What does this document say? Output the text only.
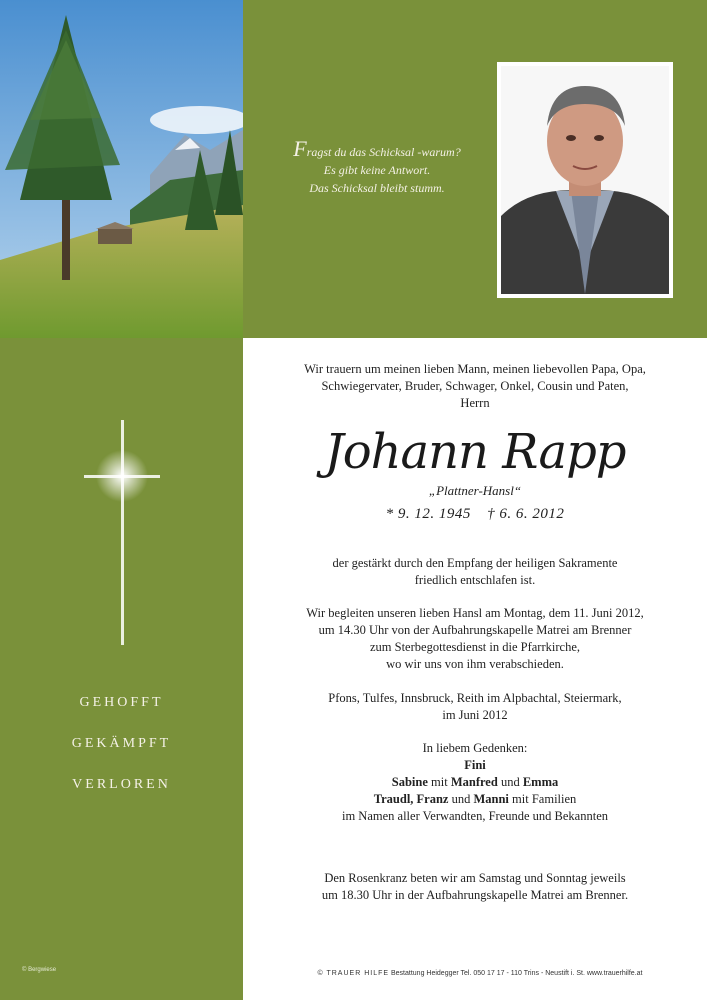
Fragst du das Schicksal -warum?
Es gibt keine Antwort.
Das Schicksal bleibt stumm.
GEHOFFT
GEKÄMPFT
VERLOREN
© Bergwiese
Wir trauern um meinen lieben Mann, meinen liebevollen Papa, Opa,
Schwiegervater, Bruder, Schwager, Onkel, Cousin und Paten,
Herrn
Johann Rapp
„Plattner-Hansl“
* 9. 12. 1945 † 6. 6. 2012
der gestärkt durch den Empfang der heiligen Sakramente
friedlich entschlafen ist.
Wir begleiten unseren lieben Hansl am Montag, dem 11. Juni 2012,
um 14.30 Uhr von der Aufbahrungskapelle Matrei am Brenner
zum Sterbegottesdienst in die Pfarrkirche,
wo wir uns von ihm verabschieden.
Pfons, Tulfes, Innsbruck, Reith im Alpbachtal, Steiermark,
im Juni 2012
In liebem Gedenken:
Fini
Sabine mit Manfred und Emma
Traudl, Franz und Manni mit Familien
im Namen aller Verwandten, Freunde und Bekannten
Den Rosenkranz beten wir am Samstag und Sonntag jeweils
um 18.30 Uhr in der Aufbahrungskapelle Matrei am Brenner.
© TRAUER HILFE Bestattung Heidegger Tel. 050 17 17 - 110 Trins - Neustift i. St. www.trauerhilfe.at
